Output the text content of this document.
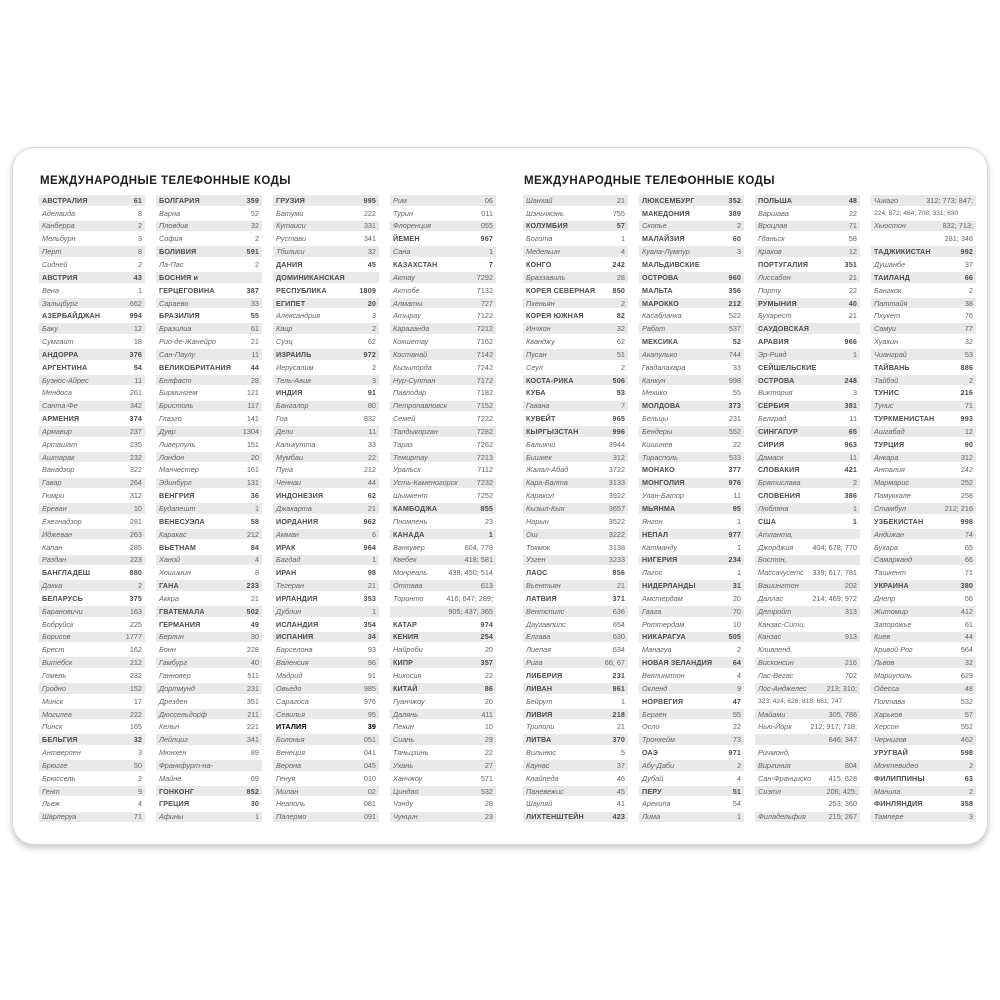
МЕЖДУНАРОДНЫЕ ТЕЛЕФОННЫЕ КОДЫ
АВСТРАЛИЯ	61
Аделаида	8
Канберра	2
Мельбурн	3
Перт	8
Сидней	2
АВСТРИЯ	43
Вена	1
Зальцбург	662
АЗЕРБАЙДЖАН	994
Баку	12
Сумгаит	18
АНДОРРА	376
АРГЕНТИНА	54
Буэнос-Айрес	11
Мендоса	261
Санта-Фе	342
АРМЕНИЯ	374
Армавир	237
Арташат	235
Аштарак	232
Ванадзор	322
Гавар	264
Гюмри	312
Ереван	10
Ехегнадзор	281
Иджеван	263
Капан	285
Раздан	223
БАНГЛАДЕШ	880
Дакка	2
БЕЛАРУСЬ	375
Барановичи	163
Бобруйск	225
Борисов	1777
Брест	162
Витебск	212
Гомель	232
Гродно	152
Минск	17
Могилев	222
Пинск	165
БЕЛЬГИЯ	32
Антверпен	3
Брюгге	50
Брюссель	2
Гент	9
Льеж	4
Шарлеруа	71
БОЛГАРИЯ	359
Варна	52
Пловдив	32
София	2
БОЛИВИЯ	591
Ла-Пас	2
БОСНИЯ и
ГЕРЦЕГОВИНА	387
Сараево	33
БРАЗИЛИЯ	55
Бразилиа	61
Рио-де-Жанейро	21
Сан-Паулу	11
ВЕЛИКОБРИТАНИЯ	44
Белфаст	28
Бирмингем	121
Бристоль	117
Глазго	141
Дувр	1304
Ливерпуль	151
Лондон	20
Манчестер	161
Эдинбург	131
ВЕНГРИЯ	36
Будапешт	1
ВЕНЕСУЭЛА	58
Каракас	212
ВЬЕТНАМ	84
Ханой	4
Хошимин	8
ГАНА	233
Аккра	21
ГВАТЕМАЛА	502
ГЕРМАНИЯ	49
Берлин	30
Бонн	228
Гамбург	40
Ганновер	511
Дортмунд	231
Дрезден	351
Дюссельдорф	211
Кельн	221
Лейпциг	341
Мюнхен	89
Франкфурт-на-
Майне	69
ГОНКОНГ	852
ГРЕЦИЯ	30
Афины	1
ГРУЗИЯ	995
Батуми	222
Кутаиси	331
Рустави	341
Тбилиси	32
ДАНИЯ	45
ДОМИНИКАНСКАЯ
РЕСПУБЛИКА	1809
ЕГИПЕТ	20
Александрия	3
Каир	2
Суэц	62
ИЗРАИЛЬ	972
Иерусалим	2
Тель-Авив	3
ИНДИЯ	91
Бангалор	80
Гоа	832
Дели	11
Калькутта	33
Мумбаи	22
Пуна	212
Ченнаи	44
ИНДОНЕЗИЯ	62
Джакарта	21
ИОРДАНИЯ	962
Амман	6
ИРАК	964
Багдад	1
ИРАН	98
Тегеран	21
ИРЛАНДИЯ	353
Дублин	1
ИСЛАНДИЯ	354
ИСПАНИЯ	34
Барселона	93
Валенсия	96
Мадрид	91
Овьедо	985
Сарагоса	976
Севилья	95
ИТАЛИЯ	39
Болонья	051
Венеция	041
Верона	045
Генуя	010
Милан	02
Неаполь	081
Палермо	091
Рим	06
Турин	011
Флоренция	055
ЙЕМЕН	967
Сана	1
КАЗАХСТАН	7
Актау	7292
Актобе	7132
Алматы	727
Атырау	7122
Караганда	7212
Кокшетау	7162
Костанай	7142
Кызылорда	7242
Нур-Султан	7172
Павлодар	7182
Петропавловск	7152
Семей	7222
Талдыкорган	7282
Тараз	7262
Темиртау	7213
Уральск	7112
Усть-Каменогорск	7232
Шымкент	7252
КАМБОДЖА	855
Пномпень	23
КАНАДА	1
Ванкувер	604, 778
Квебек	418; 581
Монреаль	438; 450; 514
Оттава	613
Торонто	416; 647; 289;
905; 437; 365
КАТАР	974
КЕНИЯ	254
Найроби	20
КИПР	357
Никосия	22
КИТАЙ	86
Гуанчжоу	20
Далянь	411
Пекин	10
Сиань	29
Тяньцзинь	22
Ухань	27
Ханчжоу	571
Циндао	532
Чэнду	28
Чунцин	23
МЕЖДУНАРОДНЫЕ ТЕЛЕФОННЫЕ КОДЫ
Шанхай	21
Шэньчжэнь	755
КОЛУМБИЯ	57
Богота	1
Медельин	4
КОНГО	242
Браззавиль	28
КОРЕЯ СЕВЕРНАЯ 850
Пхеньян	2
КОРЕЯ ЮЖНАЯ	82
Инчхон	32
Кванджу	62
Пусан	51
Сеул	2
КОСТА-РИКА	506
КУБА	53
Гавана	7
КУВЕЙТ	965
КЫРГЫЗСТАН	996
Балыкчи	3944
Бишкек	312
Жалал-Абад	3722
Кара-Балта	3133
Каракол	3922
Кызыл-Кыя	3657
Нарын	3522
Ош	3222
Токмок	3138
Узген	3233
ЛАОС	856
Вьентьян	21
ЛАТВИЯ	371
Вентспилс	636
Даугавпилс	654
Елгава	630
Лиепая	634
Рига	66; 67
ЛИБЕРИЯ	231
ЛИВАН	961
Бейрут	1
ЛИВИЯ	218
Триполи	21
ЛИТВА	370
Вильнюс	5
Каунас	37
Клайпеда	46
Паневежис	45
Шауляй	41
ЛИХТЕНШТЕЙН	423
ЛЮКСЕМБУРГ	352
МАКЕДОНИЯ	389
Скопье	2
МАЛАЙЗИЯ	60
Куала-Лумпур	3
МАЛЬДИВСКИЕ
ОСТРОВА	960
МАЛЬТА	356
МАРОККО	212
Касабланка	522
Рабат	537
МЕКСИКА	52
Акапулько	744
Гвадалахара	33
Канкун	998
Мехико	55
МОЛДОВА	373
Бельцы	231
Бендеры	552
Кишинев	22
Тирасполь	533
МОНАКО	377
МОНГОЛИЯ	976
Улан-Батор	11
МЬЯНМА	95
Янгон	1
НЕПАЛ	977
Катманду	1
НИГЕРИЯ	234
Лагос	1
НИДЕРЛАНДЫ	31
Амстердам	20
Гаага	70
Роттердам	10
НИКАРАГУА	505
Манагуа	2
НОВАЯ ЗЕЛАНДИЯ	64
Веллингтон	4
Окленд	9
НОРВЕГИЯ	47
Берген	55
Осло	22
Тронхейм	73
ОАЭ	971
Абу-Даби	2
Дубай	4
ПЕРУ	51
Арекипа	54
Лима	1
ПОЛЬША	48
Варшава	22
Вроцлав	71
Гданьск	58
Краков	12
ПОРТУГАЛИЯ	351
Лиссабон	21
Порту	22
РУМЫНИЯ	40
Бухарест	21
САУДОВСКАЯ
АРАВИЯ	966
Эр-Рияд	1
СЕЙШЕЛЬСКИЕ
ОСТРОВА	248
Виктория	3
СЕРБИЯ	381
Белград	11
СИНГАПУР	65
СИРИЯ	963
Дамаск	11
СЛОВАКИЯ	421
Братислава	2
СЛОВЕНИЯ	386
Любляна	1
США	1
Атланта,
Джорджия	404; 678; 770
Бостон,
Массачусетс 339; 617, 781
Вашингтон	202
Даллас	214; 469; 972
Детройт	313
Канзас-Сити,
Канзас	913
Кливленд,
Висконсин	216
Лас-Вегас	702
Лос-Анджелес	213; 310;
323; 424; 626; 818; 661; 747
Майами	305, 786
Нью-Йорк	212; 917; 718;
646; 347
Ричмонд,
Виргиния	804
Сан-Франциско 415, 628
Сиэтл	206; 425;
253; 360
Филадельфия	215; 267
Чикаго	312; 773; 847;
224; 872; 464; 708; 331; 630
Хьюстон	832; 713;
281; 346
ТАДЖИКИСТАН	992
Душанбе	37
ТАИЛАНД	66
Бангкок	2
Паттайя	38
Пхукет	76
Самуи	77
Хуахин	32
Чианграй	53
ТАЙВАНЬ	886
Тайбэй	2
ТУНИС	216
Тунис	71
ТУРКМЕНИСТАН	993
Ашгабад	12
ТУРЦИЯ	90
Анкара	312
Анталия	242
Мармарис	252
Памуккале	258
Стамбул	212; 216
УЗБЕКИСТАН	998
Андижан	74
Бухара	65
Самарканд	66
Ташкент	71
УКРАИНА	380
Днепр	56
Житомир	412
Запорожье	61
Киев	44
Кривой Рог	564
Львов	32
Мариуполь	629
Одесса	48
Полтава	532
Харьков	57
Херсон	552
Чернигов	462
УРУГВАЙ	598
Монтевидео	2
ФИЛИППИНЫ	63
Манила	2
ФИНЛЯНДИЯ	358
Тампере	3
